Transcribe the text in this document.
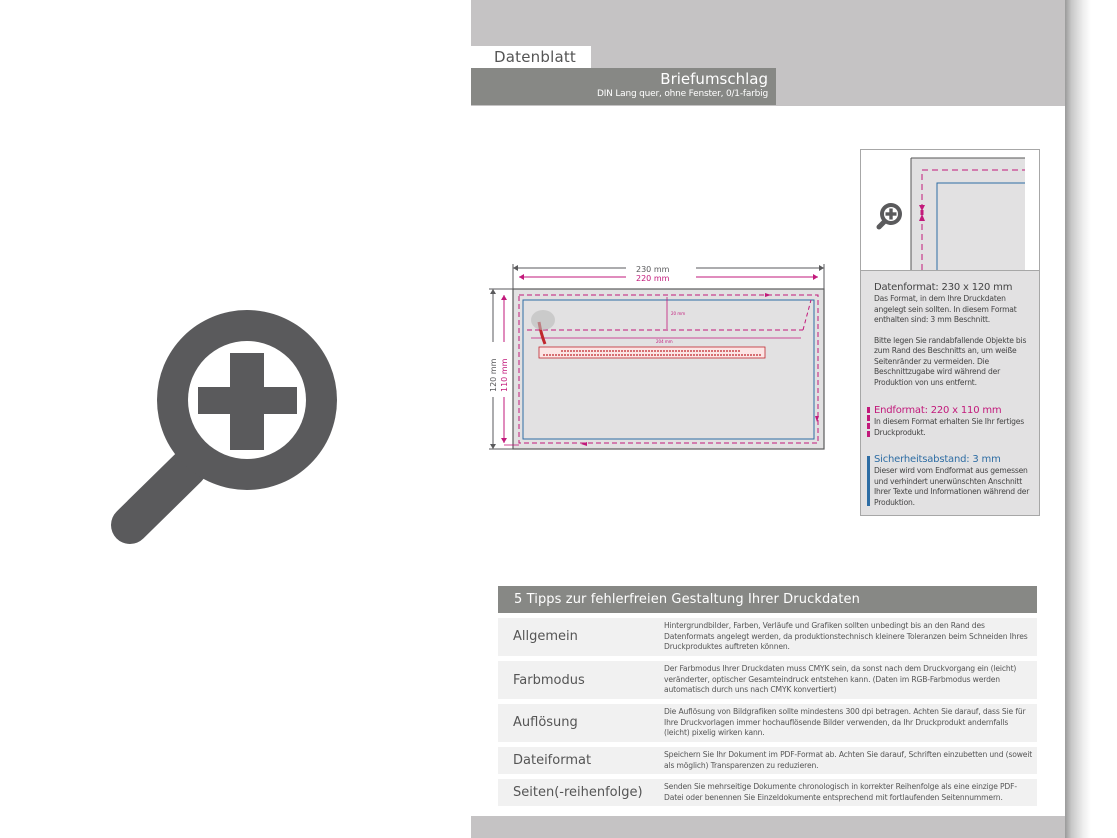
Datenblatt
Briefumschlag
DIN Lang quer, ohne Fenster, 0/1-farbig
20 mm
204 mm
230 mm
220 mm
120 mm 110 mm
Datenformat: 230 x 120 mm
Das Format, in dem Ihre Druckdaten angelegt sein sollten. In diesem Format enthalten sind: 3 mm Beschnitt.
Bitte legen Sie randabfallende Objekte bis zum Rand des Beschnitts an, um weiße Seitenränder zu vermeiden. Die Beschnittzugabe wird während der Produktion von uns entfernt.
Endformat: 220 x 110 mm
In diesem Format erhalten Sie Ihr fertiges Druckprodukt.
Sicherheitsabstand: 3 mm
Dieser wird vom Endformat aus gemessen und verhindert unerwünschten Anschnitt Ihrer Texte und Informationen während der Produktion.
5 Tipps zur fehlerfreien Gestaltung Ihrer Druckdaten
Allgemein
Hintergrundbilder, Farben, Verläufe und Grafiken sollten unbedingt bis an den Rand des Datenformats angelegt werden, da produktionstechnisch kleinere Toleranzen beim Schneiden Ihres Druckproduktes auftreten können.
Farbmodus
Der Farbmodus Ihrer Druckdaten muss CMYK sein, da sonst nach dem Druckvorgang ein (leicht) veränderter, optischer Gesamteindruck entstehen kann. (Daten im RGB-Farbmodus werden automatisch durch uns nach CMYK konvertiert)
Auflösung
Die Auflösung von Bildgrafiken sollte mindestens 300 dpi betragen. Achten Sie darauf, dass Sie für Ihre Druckvorlagen immer hochauflösende Bilder verwenden, da Ihr Druckprodukt andernfalls (leicht) pixelig wirken kann.
Dateiformat	Speichern Sie Ihr Dokument im PDF-Format ab. Achten Sie darauf, Schriften einzubetten und (soweit als möglich) Transparenzen zu reduzieren.
Seiten(-reihenfolge)	Senden Sie mehrseitige Dokumente chronologisch in korrekter Reihenfolge als eine einzige PDF-Datei oder benennen Sie Einzeldokumente entsprechend mit fortlaufenden Seitennummern.
